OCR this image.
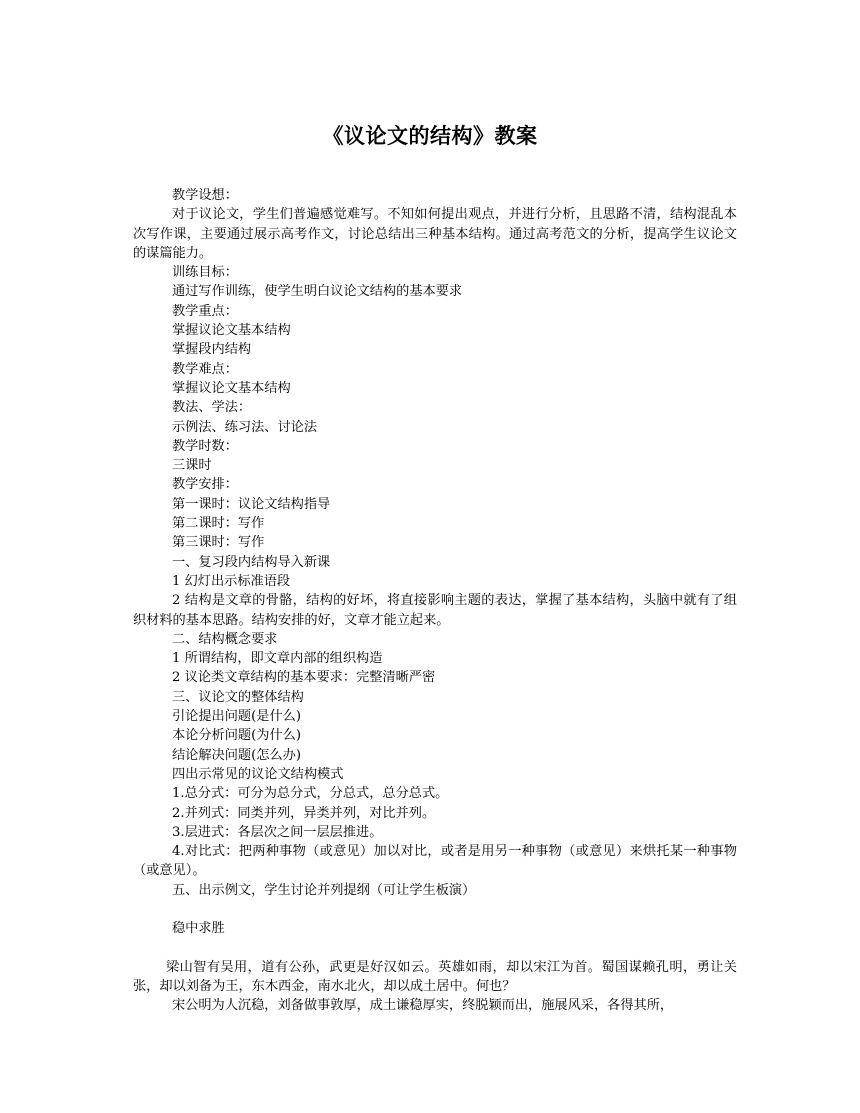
《议论文的结构》教案

教学设想：

对于议论文，学生们普遍感觉难写。不知如何提出观点，并进行分析，且思路不清，结构混乱本次写作课，主要通过展示高考作文，讨论总结出三种基本结构。通过高考范文的分析，提高学生议论文的谋篇能力。

训练目标：

通过写作训练，使学生明白议论文结构的基本要求

教学重点：

掌握议论文基本结构

掌握段内结构

教学难点：

掌握议论文基本结构

教法、学法：

示例法、练习法、讨论法

教学时数：

三课时

教学安排：

第一课时：议论文结构指导

第二课时：写作

第三课时：写作

一、复习段内结构导入新课

1 幻灯出示标准语段

2 结构是文章的骨骼，结构的好坏，将直接影响主题的表达，掌握了基本结构，头脑中就有了组织材料的基本思路。结构安排的好，文章才能立起来。

二、结构概念要求

1 所谓结构，即文章内部的组织构造

2 议论类文章结构的基本要求：完整清晰严密

三、议论文的整体结构

引论提出问题(是什么)

本论分析问题(为什么)

结论解决问题(怎么办)

四出示常见的议论文结构模式

1.总分式：可分为总分式，分总式，总分总式。

2.并列式：同类并列，异类并列，对比并列。

3.层进式：各层次之间一层层推进。

4.对比式：把两种事物（或意见）加以对比，或者是用另一种事物（或意见）来烘托某一种事物（或意见）。

五、出示例文，学生讨论并列提纲（可让学生板演）

稳中求胜

梁山智有吴用，道有公孙，武更是好汉如云。英雄如雨，却以宋江为首。蜀国谋赖孔明，勇让关张，却以刘备为王，东木西金，南水北火，却以成土居中。何也？

宋公明为人沉稳，刘备做事敦厚，成土谦稳厚实，终脱颖而出，施展风采，各得其所，
